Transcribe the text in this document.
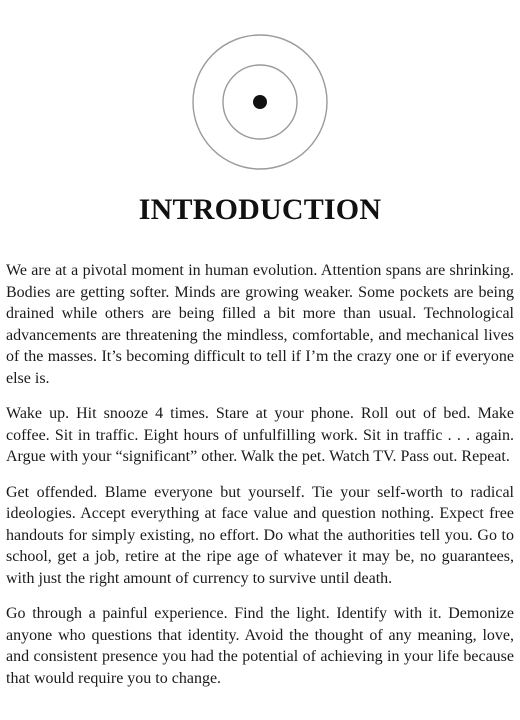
INTRODUCTION

We are at a pivotal moment in human evolution. Attention spans are shrinking. Bodies are getting softer. Minds are growing weaker. Some pockets are being drained while others are being filled a bit more than usual. Technological advancements are threatening the mindless, comfortable, and mechanical lives of the masses. It’s becoming difficult to tell if I’m the crazy one or if everyone else is.

Wake up. Hit snooze 4 times. Stare at your phone. Roll out of bed. Make coffee. Sit in traffic. Eight hours of unfulfilling work. Sit in traffic . . . again. Argue with your “significant” other. Walk the pet. Watch TV. Pass out. Repeat.

Get offended. Blame everyone but yourself. Tie your self-worth to radical ideologies. Accept everything at face value and question nothing. Expect free handouts for simply existing, no effort. Do what the authorities tell you. Go to school, get a job, retire at the ripe age of whatever it may be, no guarantees, with just the right amount of currency to survive until death.

Go through a painful experience. Find the light. Identify with it. Demonize anyone who questions that identity. Avoid the thought of any meaning, love, and consistent presence you had the potential of achieving in your life because that would require you to change.
